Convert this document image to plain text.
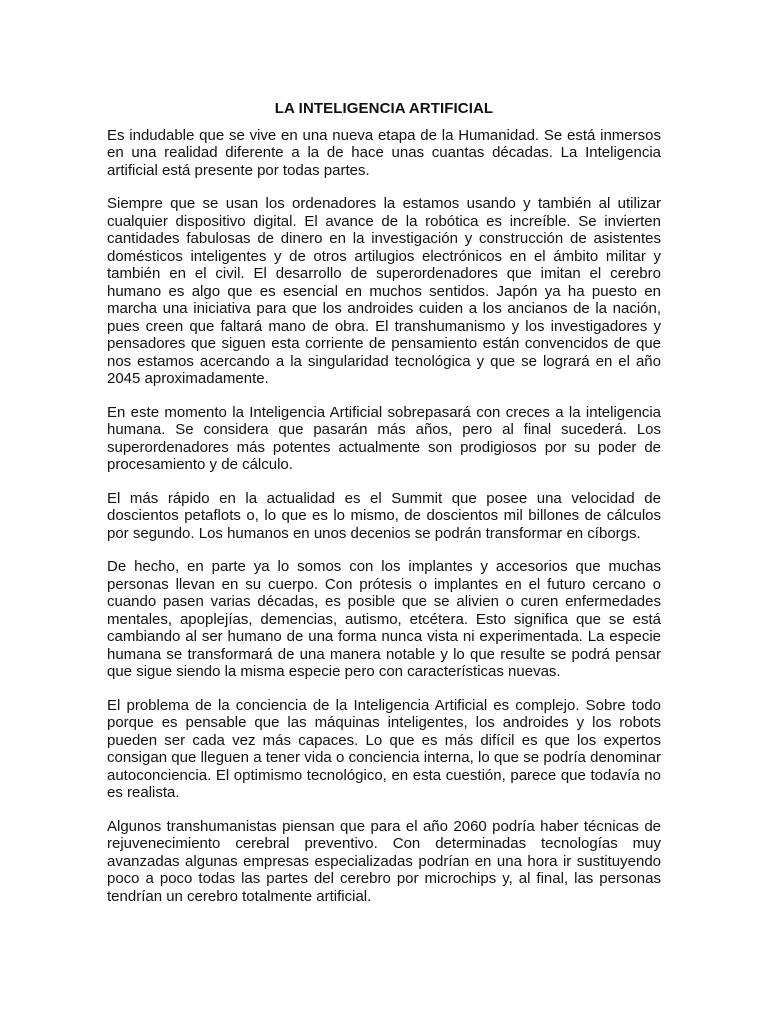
LA INTELIGENCIA ARTIFICIAL

Es indudable que se vive en una nueva etapa de la Humanidad. Se está inmersos en una realidad diferente a la de hace unas cuantas décadas. La Inteligencia artificial está presente por todas partes.

Siempre que se usan los ordenadores la estamos usando y también al utilizar cualquier dispositivo digital. El avance de la robótica es increíble. Se invierten cantidades fabulosas de dinero en la investigación y construcción de asistentes domésticos inteligentes y de otros artilugios electrónicos en el ámbito militar y también en el civil. El desarrollo de superordenadores que imitan el cerebro humano es algo que es esencial en muchos sentidos. Japón ya ha puesto en marcha una iniciativa para que los androides cuiden a los ancianos de la nación, pues creen que faltará mano de obra. El transhumanismo y los investigadores y pensadores que siguen esta corriente de pensamiento están convencidos de que nos estamos acercando a la singularidad tecnológica y que se logrará en el año 2045 aproximadamente.

En este momento la Inteligencia Artificial sobrepasará con creces a la inteligencia humana. Se considera que pasarán más años, pero al final sucederá. Los superordenadores más potentes actualmente son prodigiosos por su poder de procesamiento y de cálculo.

El más rápido en la actualidad es el Summit que posee una velocidad de doscientos petaflots o, lo que es lo mismo, de doscientos mil billones de cálculos por segundo. Los humanos en unos decenios se podrán transformar en cíborgs.

De hecho, en parte ya lo somos con los implantes y accesorios que muchas personas llevan en su cuerpo. Con prótesis o implantes en el futuro cercano o cuando pasen varias décadas, es posible que se alivien o curen enfermedades mentales, apoplejías, demencias, autismo, etcétera. Esto significa que se está cambiando al ser humano de una forma nunca vista ni experimentada. La especie humana se transformará de una manera notable y lo que resulte se podrá pensar que sigue siendo la misma especie pero con características nuevas.

El problema de la conciencia de la Inteligencia Artificial es complejo. Sobre todo porque es pensable que las máquinas inteligentes, los androides y los robots pueden ser cada vez más capaces. Lo que es más difícil es que los expertos consigan que lleguen a tener vida o conciencia interna, lo que se podría denominar autoconciencia. El optimismo tecnológico, en esta cuestión, parece que todavía no es realista.

Algunos transhumanistas piensan que para el año 2060 podría haber técnicas de rejuvenecimiento cerebral preventivo. Con determinadas tecnologías muy avanzadas algunas empresas especializadas podrían en una hora ir sustituyendo poco a poco todas las partes del cerebro por microchips y, al final, las personas tendrían un cerebro totalmente artificial.
